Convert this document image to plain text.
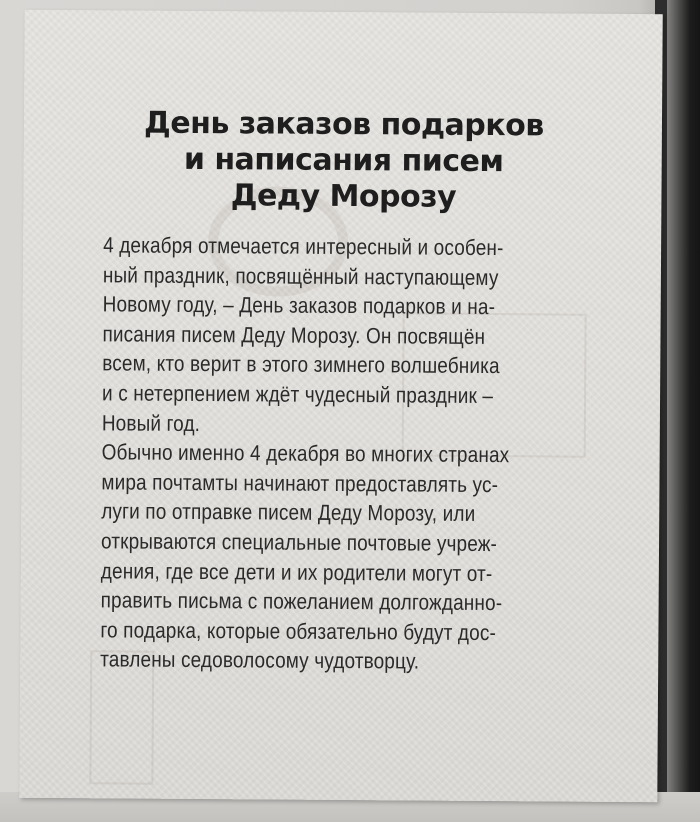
День заказов подарков
и написания писем
Деду Морозу
4 декабря отмечается интересный и особен-
ный праздник, посвящённый наступающему
Новому году, – День заказов подарков и на-
писания писем Деду Морозу. Он посвящён
всем, кто верит в этого зимнего волшебника
и с нетерпением ждёт чудесный праздник –
Новый год.
Обычно именно 4 декабря во многих странах
мира почтамты начинают предоставлять ус-
луги по отправке писем Деду Морозу, или
открываются специальные почтовые учреж-
дения, где все дети и их родители могут от-
править письма с пожеланием долгожданно-
го подарка, которые обязательно будут дос-
тавлены седоволосому чудотворцу.
